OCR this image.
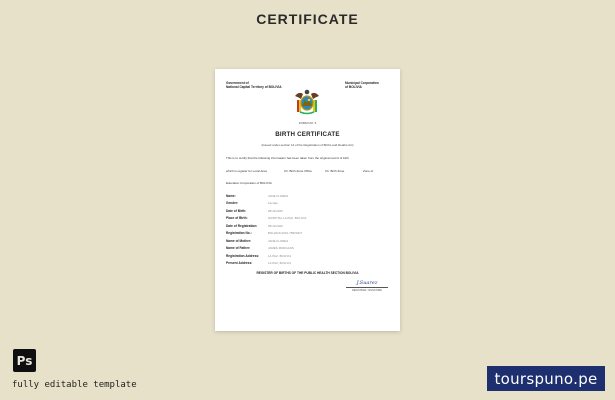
CERTIFICATE
Government of
National Capital Territory of BOLIVIA
Municipal Corporation
of BOLIVIA
FORM NO. 5
BIRTH CERTIFICATE
(Issued under section 12 of the Registration of Births and Deaths Act)
This is to certify that the following information has been taken from the original record of birth
which is register for Local Area	Ch. Birth Zone Office	Ch. Birth Zone	Zone of
Education Corporation of BOLIVIA
Name:	JANE FLORES
Gender:	Female
Date of Birth:	05/11/2020
Place of Birth:	HOSPITAL LA PAZ, BOLIVIA
Date of Registration:	05/11/2020
Registration No.:	BOL2020-0001-75800327
Name of Mother:	JANE FLORES
Name of Father:	JAMES MORGANS
Registration Address:	LA PAZ, BOLIVIA
Present Address:	LA PAZ, BOLIVIA
REGISTER OF BIRTHS OF THE PUBLIC HEALTH SECTION BOLIVIA
J.Suarez
REGISTRAR / SIGNATURE
Ps
fully editable template	tourspuno.pe
